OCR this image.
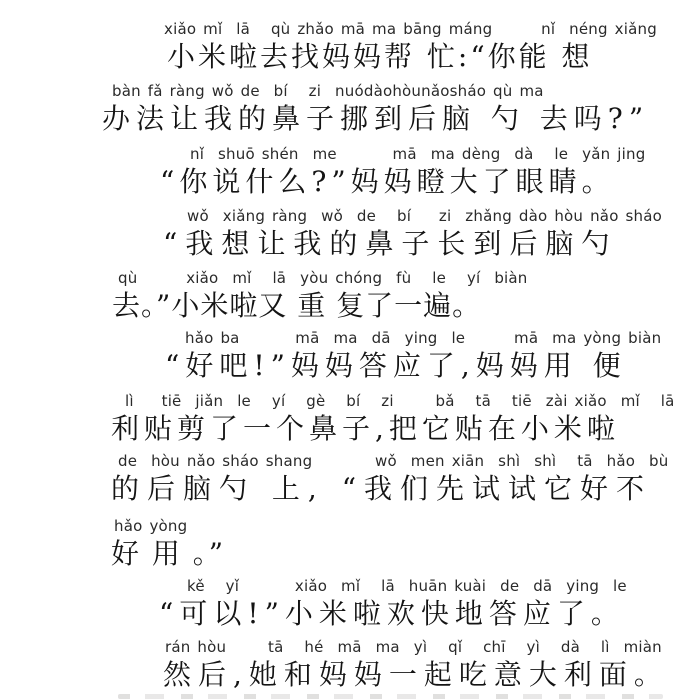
xiǎo mǐ  lā   qù zhǎo mā ma bāng máng       nǐ  néng xiǎng
小米啦去找妈妈帮 忙:“你能 想
bàn fǎ ràng wǒ de  bí   zi  nuódàohòunǎosháo qù ma
办法让我的鼻子挪到后脑 勺 去吗?”
nǐ  shuō shén  me        mā  ma dèng  dà   le  yǎn jing
“你说什么?”妈妈瞪大了眼睛。
wǒ  xiǎng ràng  wǒ  de   bí    zi  zhǎng dào hòu nǎo sháo
“我想让我的鼻子长到后脑勺
qù       xiǎo  mǐ   lā  yòu chóng  fù   le   yí  biàn
去。”小米啦又 重 复了一遍。
hǎo ba        mā  ma  dā  ying  le       mā  ma yòng biàn
“好吧!”妈妈答应了,妈妈用 便
lì    tiē  jiǎn  le   yí   gè   bí   zi      bǎ   tā   tiē  zài xiǎo  mǐ   lā
利贴剪了一个鼻子,把它贴在小米啦
de  hòu nǎo sháo shang         wǒ  men xiān  shì  shì   tā  hǎo  bù
的后脑勺 上, “我们先试试它好不
hǎo yòng
好 用 。”
kě   yǐ        xiǎo  mǐ   lā  huān kuài  de  dā  ying  le
“可以!”小米啦欢快地答应了。
rán hòu      tā   hé  mā  ma  yì   qǐ   chī   yì   dà   lì  miàn
然后,她和妈妈一起吃意大利面。
